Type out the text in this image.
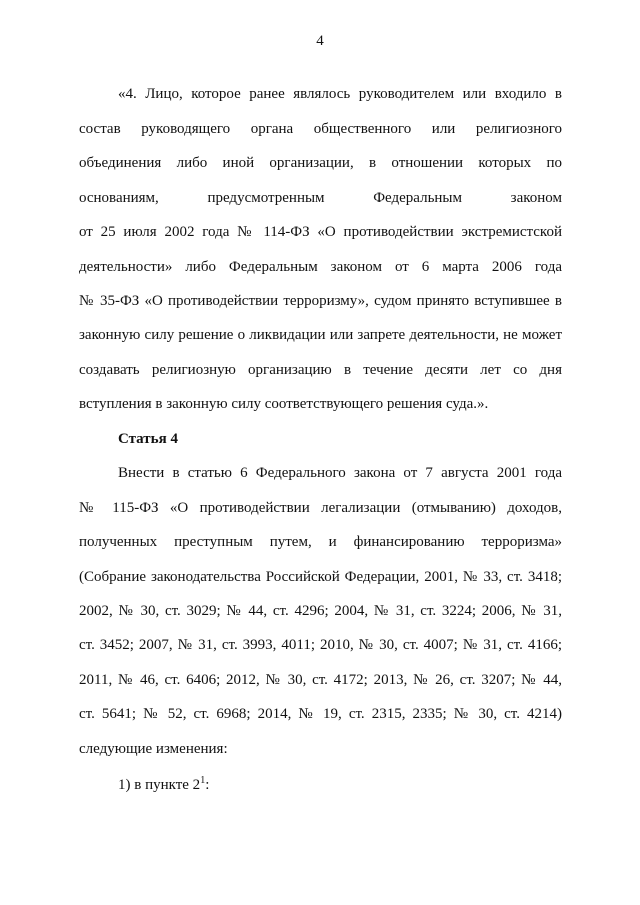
4
«4. Лицо, которое ранее являлось руководителем или входило в
состав руководящего органа общественного или религиозного
объединения либо иной организации, в отношении которых по
основаниям, предусмотренным Федеральным законом
от 25 июля 2002 года № 114-ФЗ «О противодействии экстремистской
деятельности» либо Федеральным законом от 6 марта 2006 года
№ 35-ФЗ «О противодействии терроризму», судом принято вступившее в
законную силу решение о ликвидации или запрете деятельности, не может
создавать религиозную организацию в течение десяти лет со дня
вступления в законную силу соответствующего решения суда.».
Статья 4
Внести в статью 6 Федерального закона от 7 августа 2001 года
№ 115-ФЗ «О противодействии легализации (отмыванию) доходов,
полученных преступным путем, и финансированию терроризма»
(Собрание законодательства Российской Федерации, 2001, № 33, ст. 3418;
2002, № 30, ст. 3029; № 44, ст. 4296; 2004, № 31, ст. 3224; 2006, № 31,
ст. 3452; 2007, № 31, ст. 3993, 4011; 2010, № 30, ст. 4007; № 31, ст. 4166;
2011, № 46, ст. 6406; 2012, № 30, ст. 4172; 2013, № 26, ст. 3207; № 44,
ст. 5641; № 52, ст. 6968; 2014, № 19, ст. 2315, 2335; № 30, ст. 4214)
следующие изменения:
1) в пункте $2^1$:
